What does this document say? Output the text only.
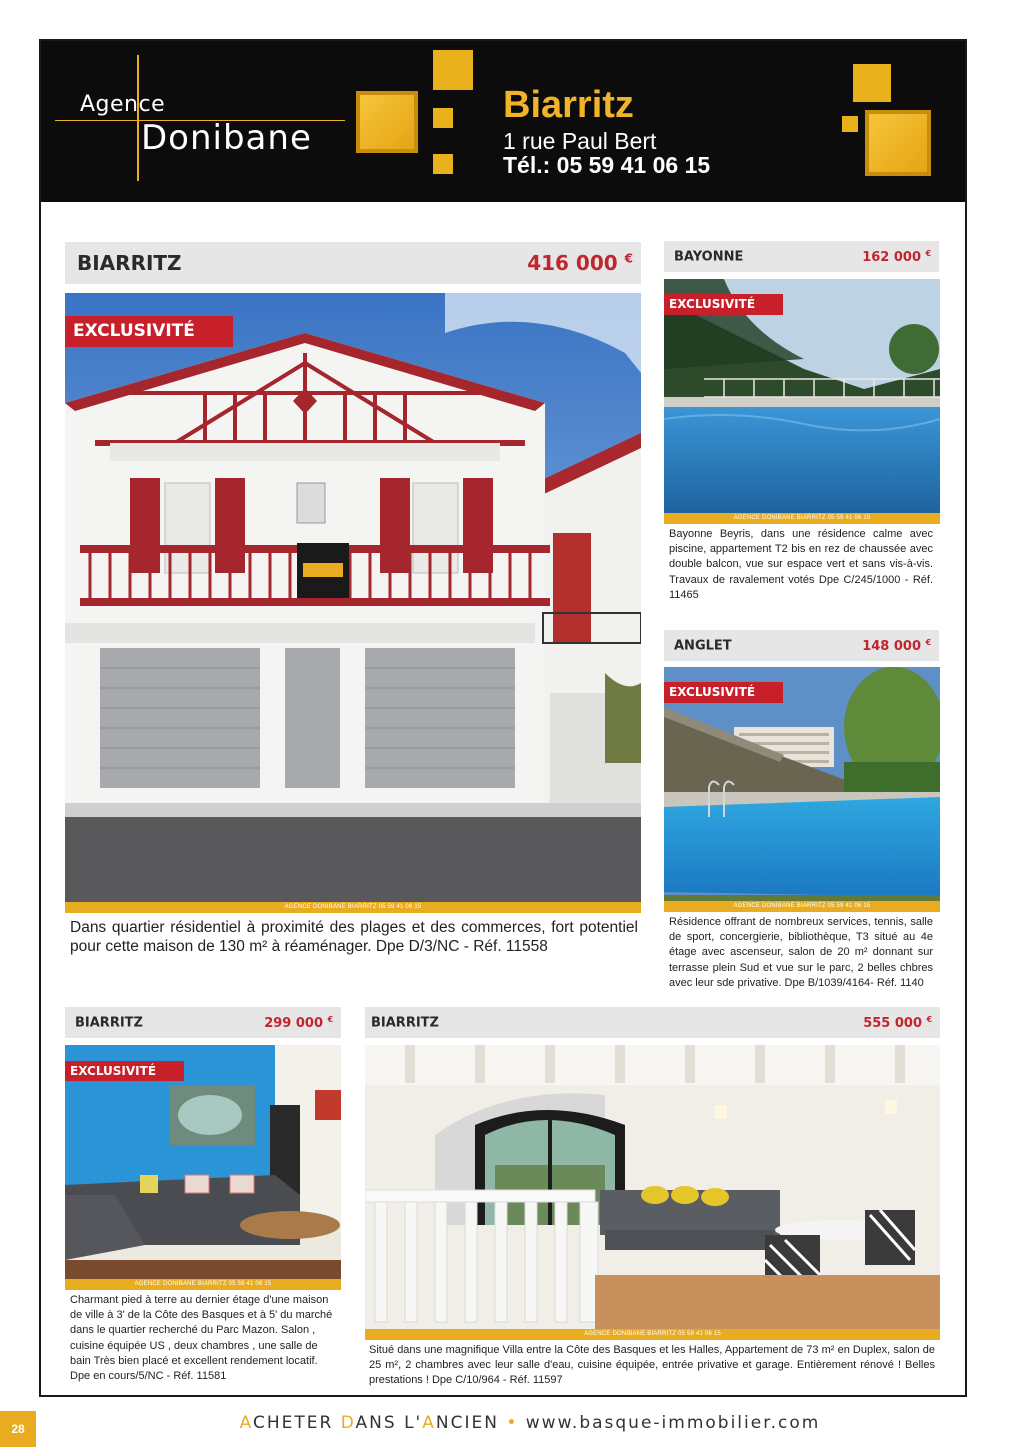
Agence
Donibane
Biarritz
1 rue Paul Bert
Tél.: 05 59 41 06 15
BIARRITZ	416 000 €
EXCLUSIVITÉ
AGENCE DONIBANE BIARRITZ 05 59 41 06 15
Dans quartier résidentiel à proximité des plages et des commerces, fort potentiel pour cette maison de 130 m² à réaménager. Dpe D/3/NC - Réf. 11558
BAYONNE	162 000 €
EXCLUSIVITÉ
AGENCE DONIBANE BIARRITZ 05 59 41 06 15
Bayonne Beyris, dans une résidence calme avec piscine, appartement T2 bis en rez de chaussée avec double balcon, vue sur espace vert et sans vis-à-vis. Travaux de ravalement votés Dpe C/245/1000 - Réf. 11465
ANGLET	148 000 €
EXCLUSIVITÉ
AGENCE DONIBANE BIARRITZ 05 59 41 06 15
Résidence offrant de nombreux services, tennis, salle de sport, concergierie, bibliothèque, T3 situé au 4e étage avec ascenseur, salon de 20 m² donnant sur terrasse plein Sud et vue sur le parc, 2 belles chbres avec leur sde privative. Dpe B/1039/4164- Réf. 1140
BIARRITZ	299 000 €
EXCLUSIVITÉ
AGENCE DONIBANE BIARRITZ 05 59 41 06 15
Charmant pied à terre au dernier étage d'une maison de ville à 3' de la Côte des Basques et à 5' du marché dans le quartier recherché du Parc Mazon. Salon , cuisine équipée US , deux chambres , une salle de bain Très bien placé et excellent rendement locatif. Dpe en cours/5/NC - Réf. 11581
BIARRITZ	555 000 €
AGENCE DONIBANE BIARRITZ 05 59 41 06 15
Situé dans une magnifique Villa entre la Côte des Basques et les Halles, Appartement de 73 m² en Duplex, salon de 25 m², 2 chambres avec leur salle d'eau, cuisine équipée, entrée privative et garage. Entièrement rénové ! Belles prestations ! Dpe C/10/964 - Réf. 11597
28	ACHETER DANS L'ANCIEN • www.basque-immobilier.com
